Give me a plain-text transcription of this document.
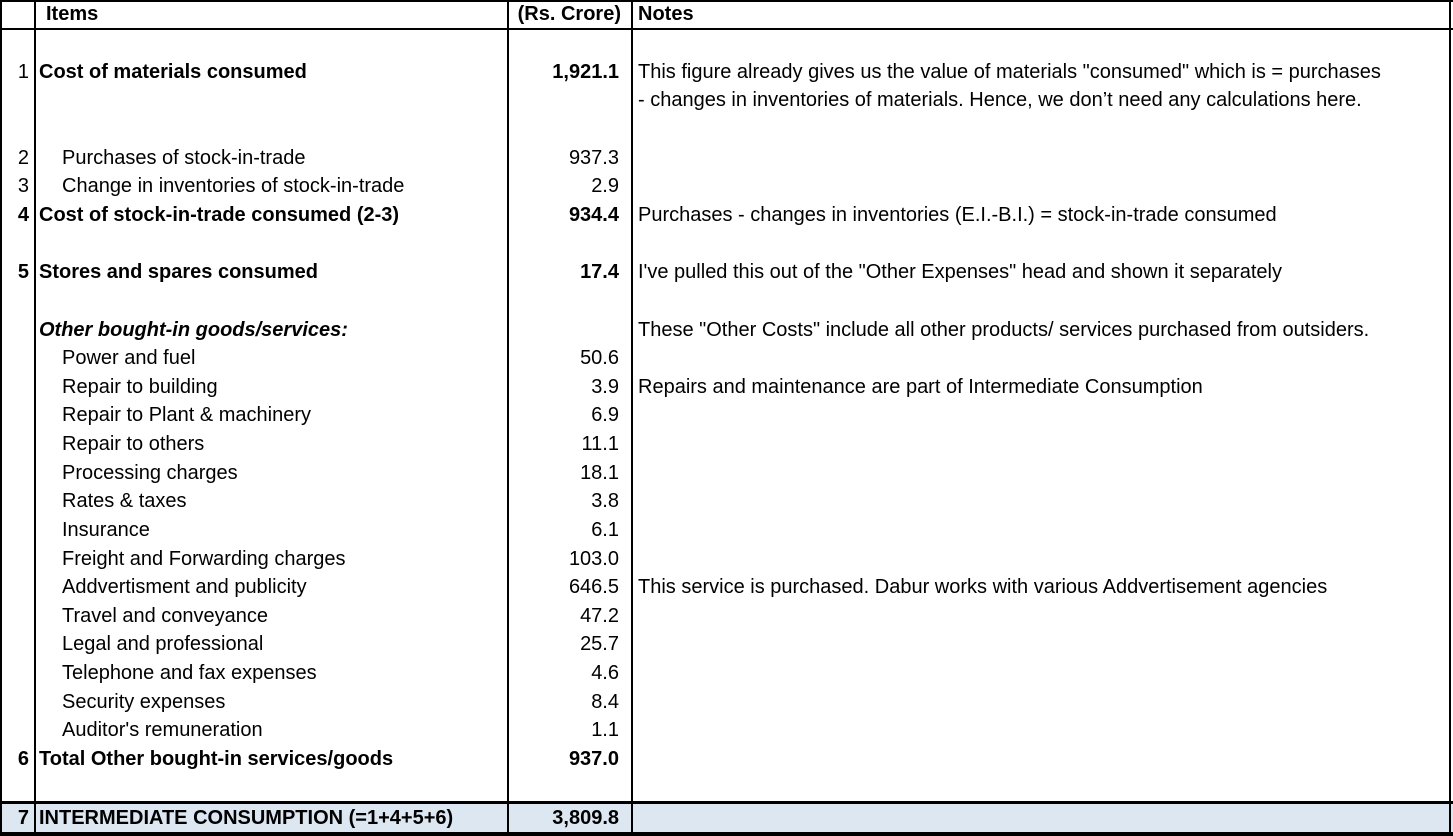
Items	(Rs. Crore) Notes
1 Cost of materials consumed	1,921.1 This figure already gives us the value of materials "consumed" which is = purchases
- changes in inventories of materials. Hence, we don’t need any calculations here.
2 Purchases of stock-in-trade	937.3
3 Change in inventories of stock-in-trade	2.9
4 Cost of stock-in-trade consumed (2-3)	934.4 Purchases - changes in inventories (E.I.-B.I.) = stock-in-trade consumed
5 Stores and spares consumed	17.4 I've pulled this out of the "Other Expenses" head and shown it separately
Other bought-in goods/services:	These "Other Costs" include all other products/ services purchased from outsiders.
Power and fuel	50.6
Repair to building	3.9 Repairs and maintenance are part of Intermediate Consumption
Repair to Plant & machinery	6.9
Repair to others	11.1
Processing charges	18.1
Rates & taxes	3.8
Insurance	6.1
Freight and Forwarding charges	103.0
Addvertisment and publicity	646.5 This service is purchased. Dabur works with various Addvertisement agencies
Travel and conveyance	47.2
Legal and professional	25.7
Telephone and fax expenses	4.6
Security expenses	8.4
Auditor's remuneration	1.1
6 Total Other bought-in services/goods	937.0
7 INTERMEDIATE CONSUMPTION (=1+4+5+6)	3,809.8
